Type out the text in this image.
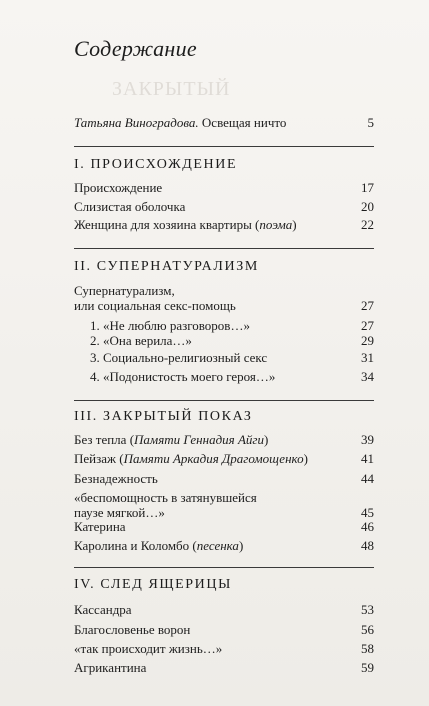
ЗАКРЫТЫЙ
Содержание
Татьяна Виноградова. Освещая ничто	5
I. ПРОИСХОЖДЕНИЕ
Происхождение	17
Слизистая оболочка	20
Женщина для хозяина квартиры (поэма)	22
II. СУПЕРНАТУРАЛИЗМ
Супернатурализм,
или социальная секс-помощь	27
1. «Не люблю разговоров…»	27
2. «Она верила…»	29
3. Социально-религиозный секс	31
4. «Подонистость моего героя…»	34
III. ЗАКРЫТЫЙ ПОКАЗ
Без тепла (Памяти Геннадия Айги)	39
Пейзаж (Памяти Аркадия Драгомощенко)	41
Безнадежность	44
«беспомощность в затянувшейся
паузе мягкой…»	45
Катерина	46
Каролина и Коломбо (песенка)	48
IV. СЛЕД ЯЩЕРИЦЫ
Кассандра	53
Благословенье ворон	56
«так происходит жизнь…»	58
Агрикантина	59
